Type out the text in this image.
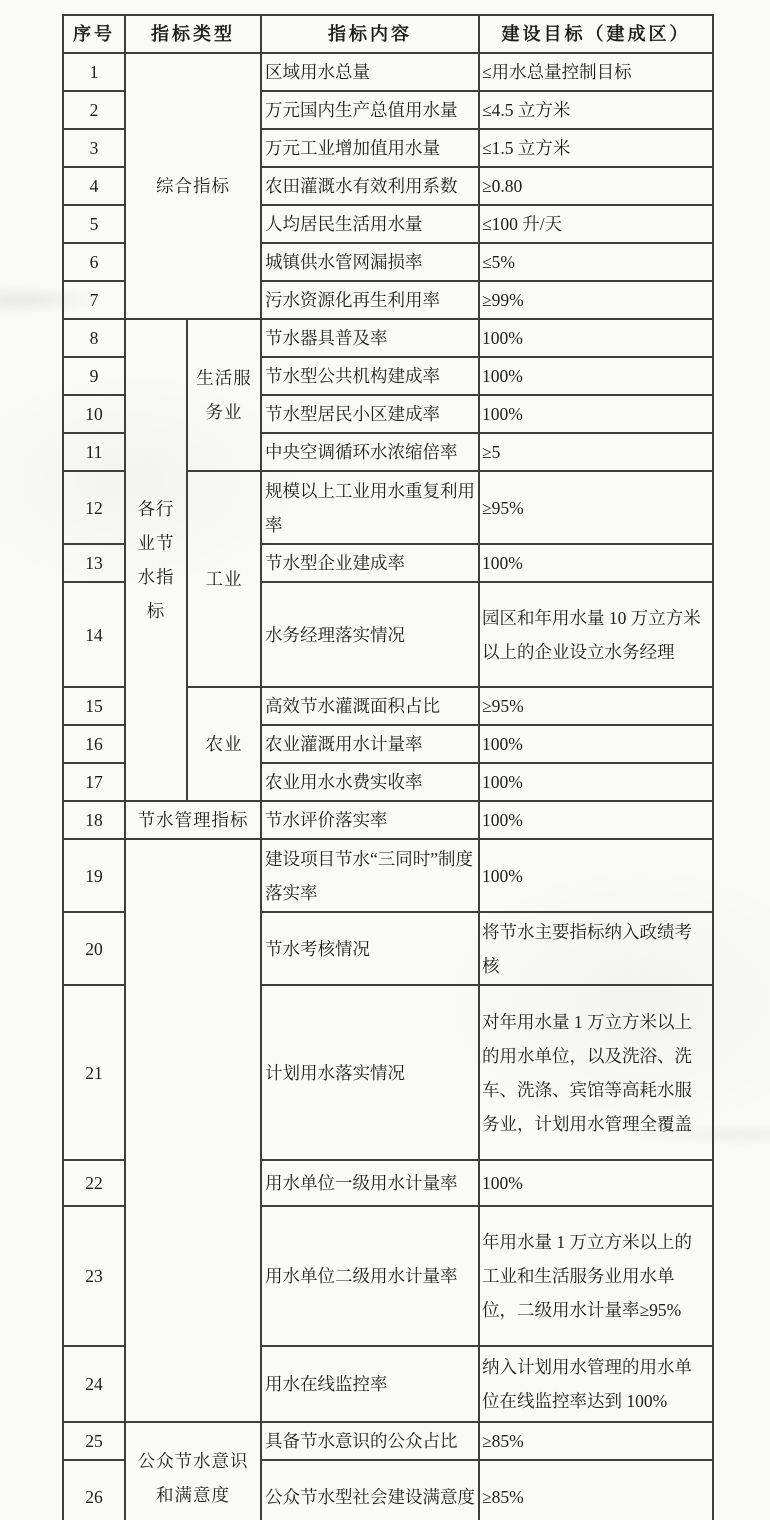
序号	指标类型		指标内容	建设目标（建成区）
1	综合指标		区域用水总量	≤用水总量控制目标
2			万元国内生产总值用水量	≤4.5 立方米
3			万元工业增加值用水量	≤1.5 立方米
4			农田灌溉水有效利用系数	≥0.80
5			人均居民生活用水量	≤100 升/天
6			城镇供水管网漏损率	≤5%
7			污水资源化再生利用率	≥99%
8	各行业节水指标	生活服务业	节水器具普及率	100%
9			节水型公共机构建成率	100%
10			节水型居民小区建成率	100%
11			中央空调循环水浓缩倍率	≥5
12		工业	规模以上工业用水重复利用率	≥95%
13			节水型企业建成率	100%
14			水务经理落实情况	园区和年用水量 10 万立方米以上的企业设立水务经理
15		农业	高效节水灌溉面积占比	≥95%
16			农业灌溉用水计量率	100%
17			农业用水水费实收率	100%
18	节水管理指标		节水评价落实率	100%
19			建设项目节水“三同时”制度落实率	100%
20			节水考核情况	将节水主要指标纳入政绩考核
21			计划用水落实情况	对年用水量 1 万立方米以上的用水单位，以及洗浴、洗车、洗涤、宾馆等高耗水服务业，计划用水管理全覆盖
22			用水单位一级用水计量率	100%
23			用水单位二级用水计量率	年用水量 1 万立方米以上的工业和生活服务业用水单位，二级用水计量率≥95%
24			用水在线监控率	纳入计划用水管理的用水单位在线监控率达到 100%
25	公众节水意识和满意度		具备节水意识的公众占比	≥85%
26			公众节水型社会建设满意度	≥85%
